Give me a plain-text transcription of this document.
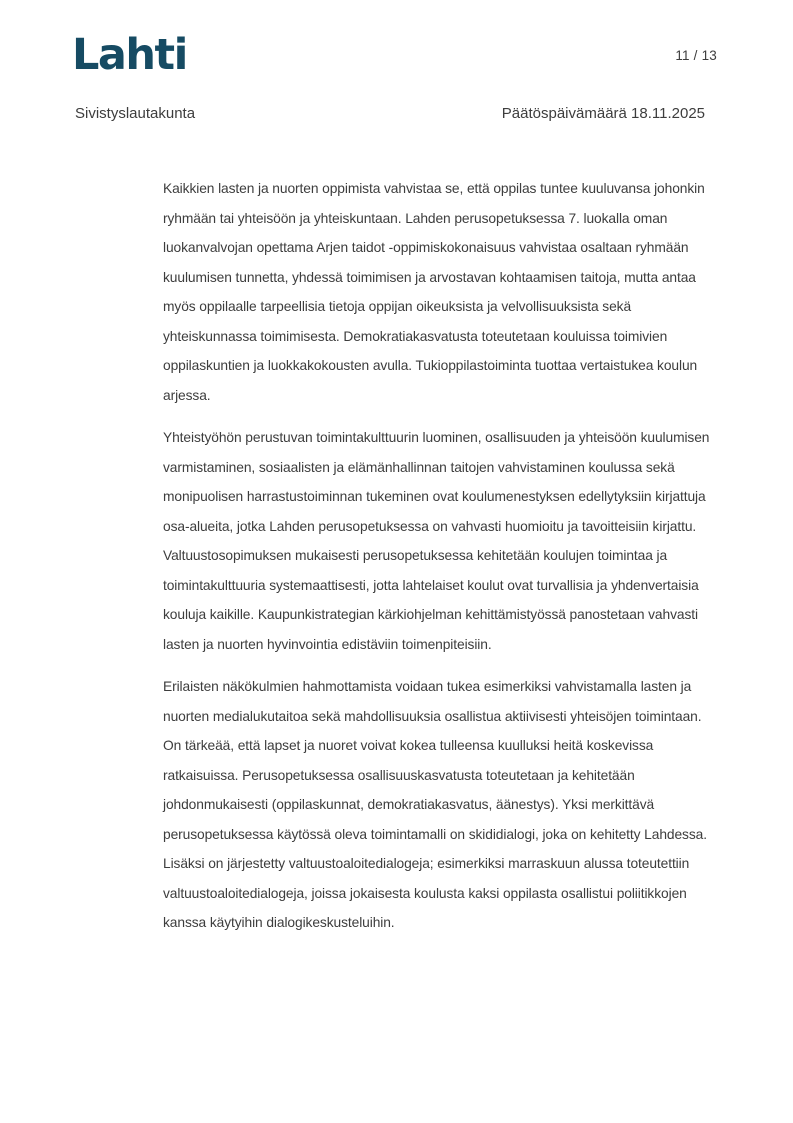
Lahti	11 / 13
Sivistyslautakunta	Päätöspäivämäärä 18.11.2025

Kaikkien lasten ja nuorten oppimista vahvistaa se, että oppilas tuntee kuuluvansa johonkin ryhmään tai yhteisöön ja yhteiskuntaan. Lahden perusopetuksessa 7. luokalla oman luokanvalvojan opettama Arjen taidot -oppimiskokonaisuus vahvistaa osaltaan ryhmään kuulumisen tunnetta, yhdessä toimimisen ja arvostavan kohtaamisen taitoja, mutta antaa myös oppilaalle tarpeellisia tietoja oppijan oikeuksista ja velvollisuuksista sekä yhteiskunnassa toimimisesta. Demokratiakasvatusta toteutetaan kouluissa toimivien oppilaskuntien ja luokkakokousten avulla. Tukioppilastoiminta tuottaa vertaistukea koulun arjessa.

Yhteistyöhön perustuvan toimintakulttuurin luominen, osallisuuden ja yhteisöön kuulumisen varmistaminen, sosiaalisten ja elämänhallinnan taitojen vahvistaminen koulussa sekä monipuolisen harrastustoiminnan tukeminen ovat koulumenestyksen edellytyksiin kirjattuja osa-alueita, jotka Lahden perusopetuksessa on vahvasti huomioitu ja tavoitteisiin kirjattu. Valtuustosopimuksen mukaisesti perusopetuksessa kehitetään koulujen toimintaa ja toimintakulttuuria systemaattisesti, jotta lahtelaiset koulut ovat turvallisia ja yhdenvertaisia kouluja kaikille. Kaupunkistrategian kärkiohjelman kehittämistyössä panostetaan vahvasti lasten ja nuorten hyvinvointia edistäviin toimenpiteisiin.

Erilaisten näkökulmien hahmottamista voidaan tukea esimerkiksi vahvistamalla lasten ja nuorten medialukutaitoa sekä mahdollisuuksia osallistua aktiivisesti yhteisöjen toimintaan. On tärkeää, että lapset ja nuoret voivat kokea tulleensa kuulluksi heitä koskevissa ratkaisuissa. Perusopetuksessa osallisuuskasvatusta toteutetaan ja kehitetään johdonmukaisesti (oppilaskunnat, demokratiakasvatus, äänestys). Yksi merkittävä perusopetuksessa käytössä oleva toimintamalli on skididialogi, joka on kehitetty Lahdessa. Lisäksi on järjestetty valtuustoaloitedialogeja; esimerkiksi marraskuun alussa toteutettiin valtuustoaloitedialogeja, joissa jokaisesta koulusta kaksi oppilasta osallistui poliitikkojen kanssa käytyihin dialogikeskusteluihin.
